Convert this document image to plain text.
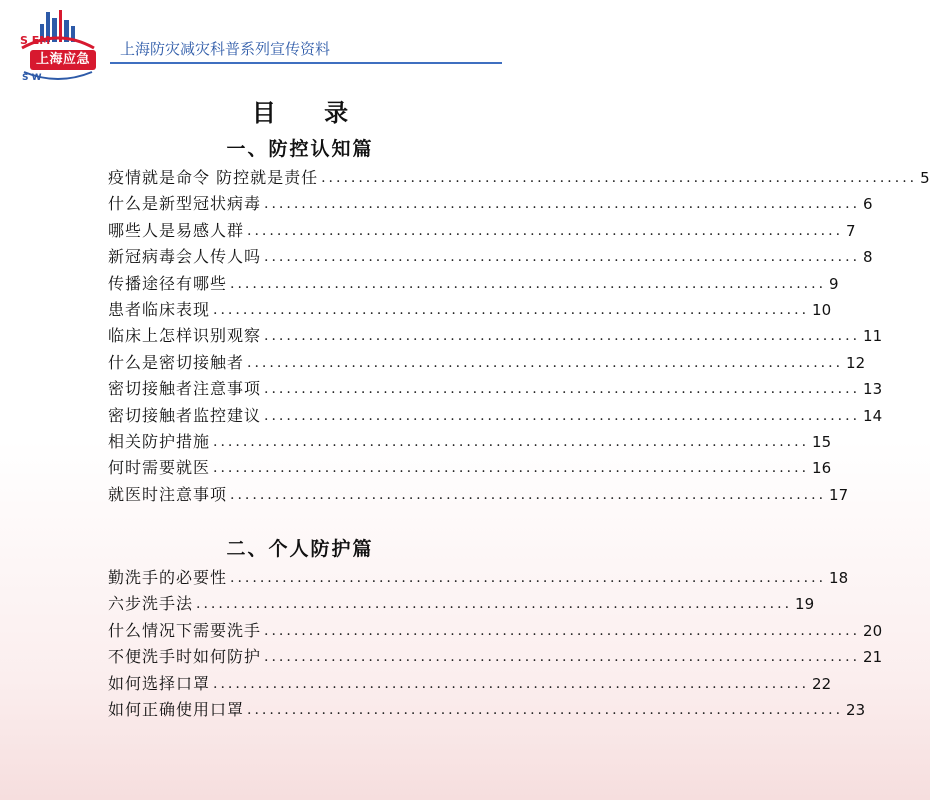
S EM
S W
上海应急
上海防灾减灾科普系列宣传资料
目 录
一、防控认知篇
疫情就是命令 防控就是责任 ................................................................................ 5
什么是新型冠状病毒 ................................................................................ 6
哪些人是易感人群 ................................................................................ 7
新冠病毒会人传人吗 ................................................................................ 8
传播途径有哪些 ................................................................................ 9
患者临床表现 ................................................................................ 10
临床上怎样识别观察 ................................................................................ 11
什么是密切接触者 ................................................................................ 12
密切接触者注意事项 ................................................................................ 13
密切接触者监控建议 ................................................................................ 14
相关防护措施 ................................................................................ 15
何时需要就医 ................................................................................ 16
就医时注意事项 ................................................................................ 17
二、个人防护篇
勤洗手的必要性 ................................................................................ 18
六步洗手法 ................................................................................ 19
什么情况下需要洗手 ................................................................................ 20
不便洗手时如何防护 ................................................................................ 21
如何选择口罩 ................................................................................ 22
如何正确使用口罩 ................................................................................ 23
